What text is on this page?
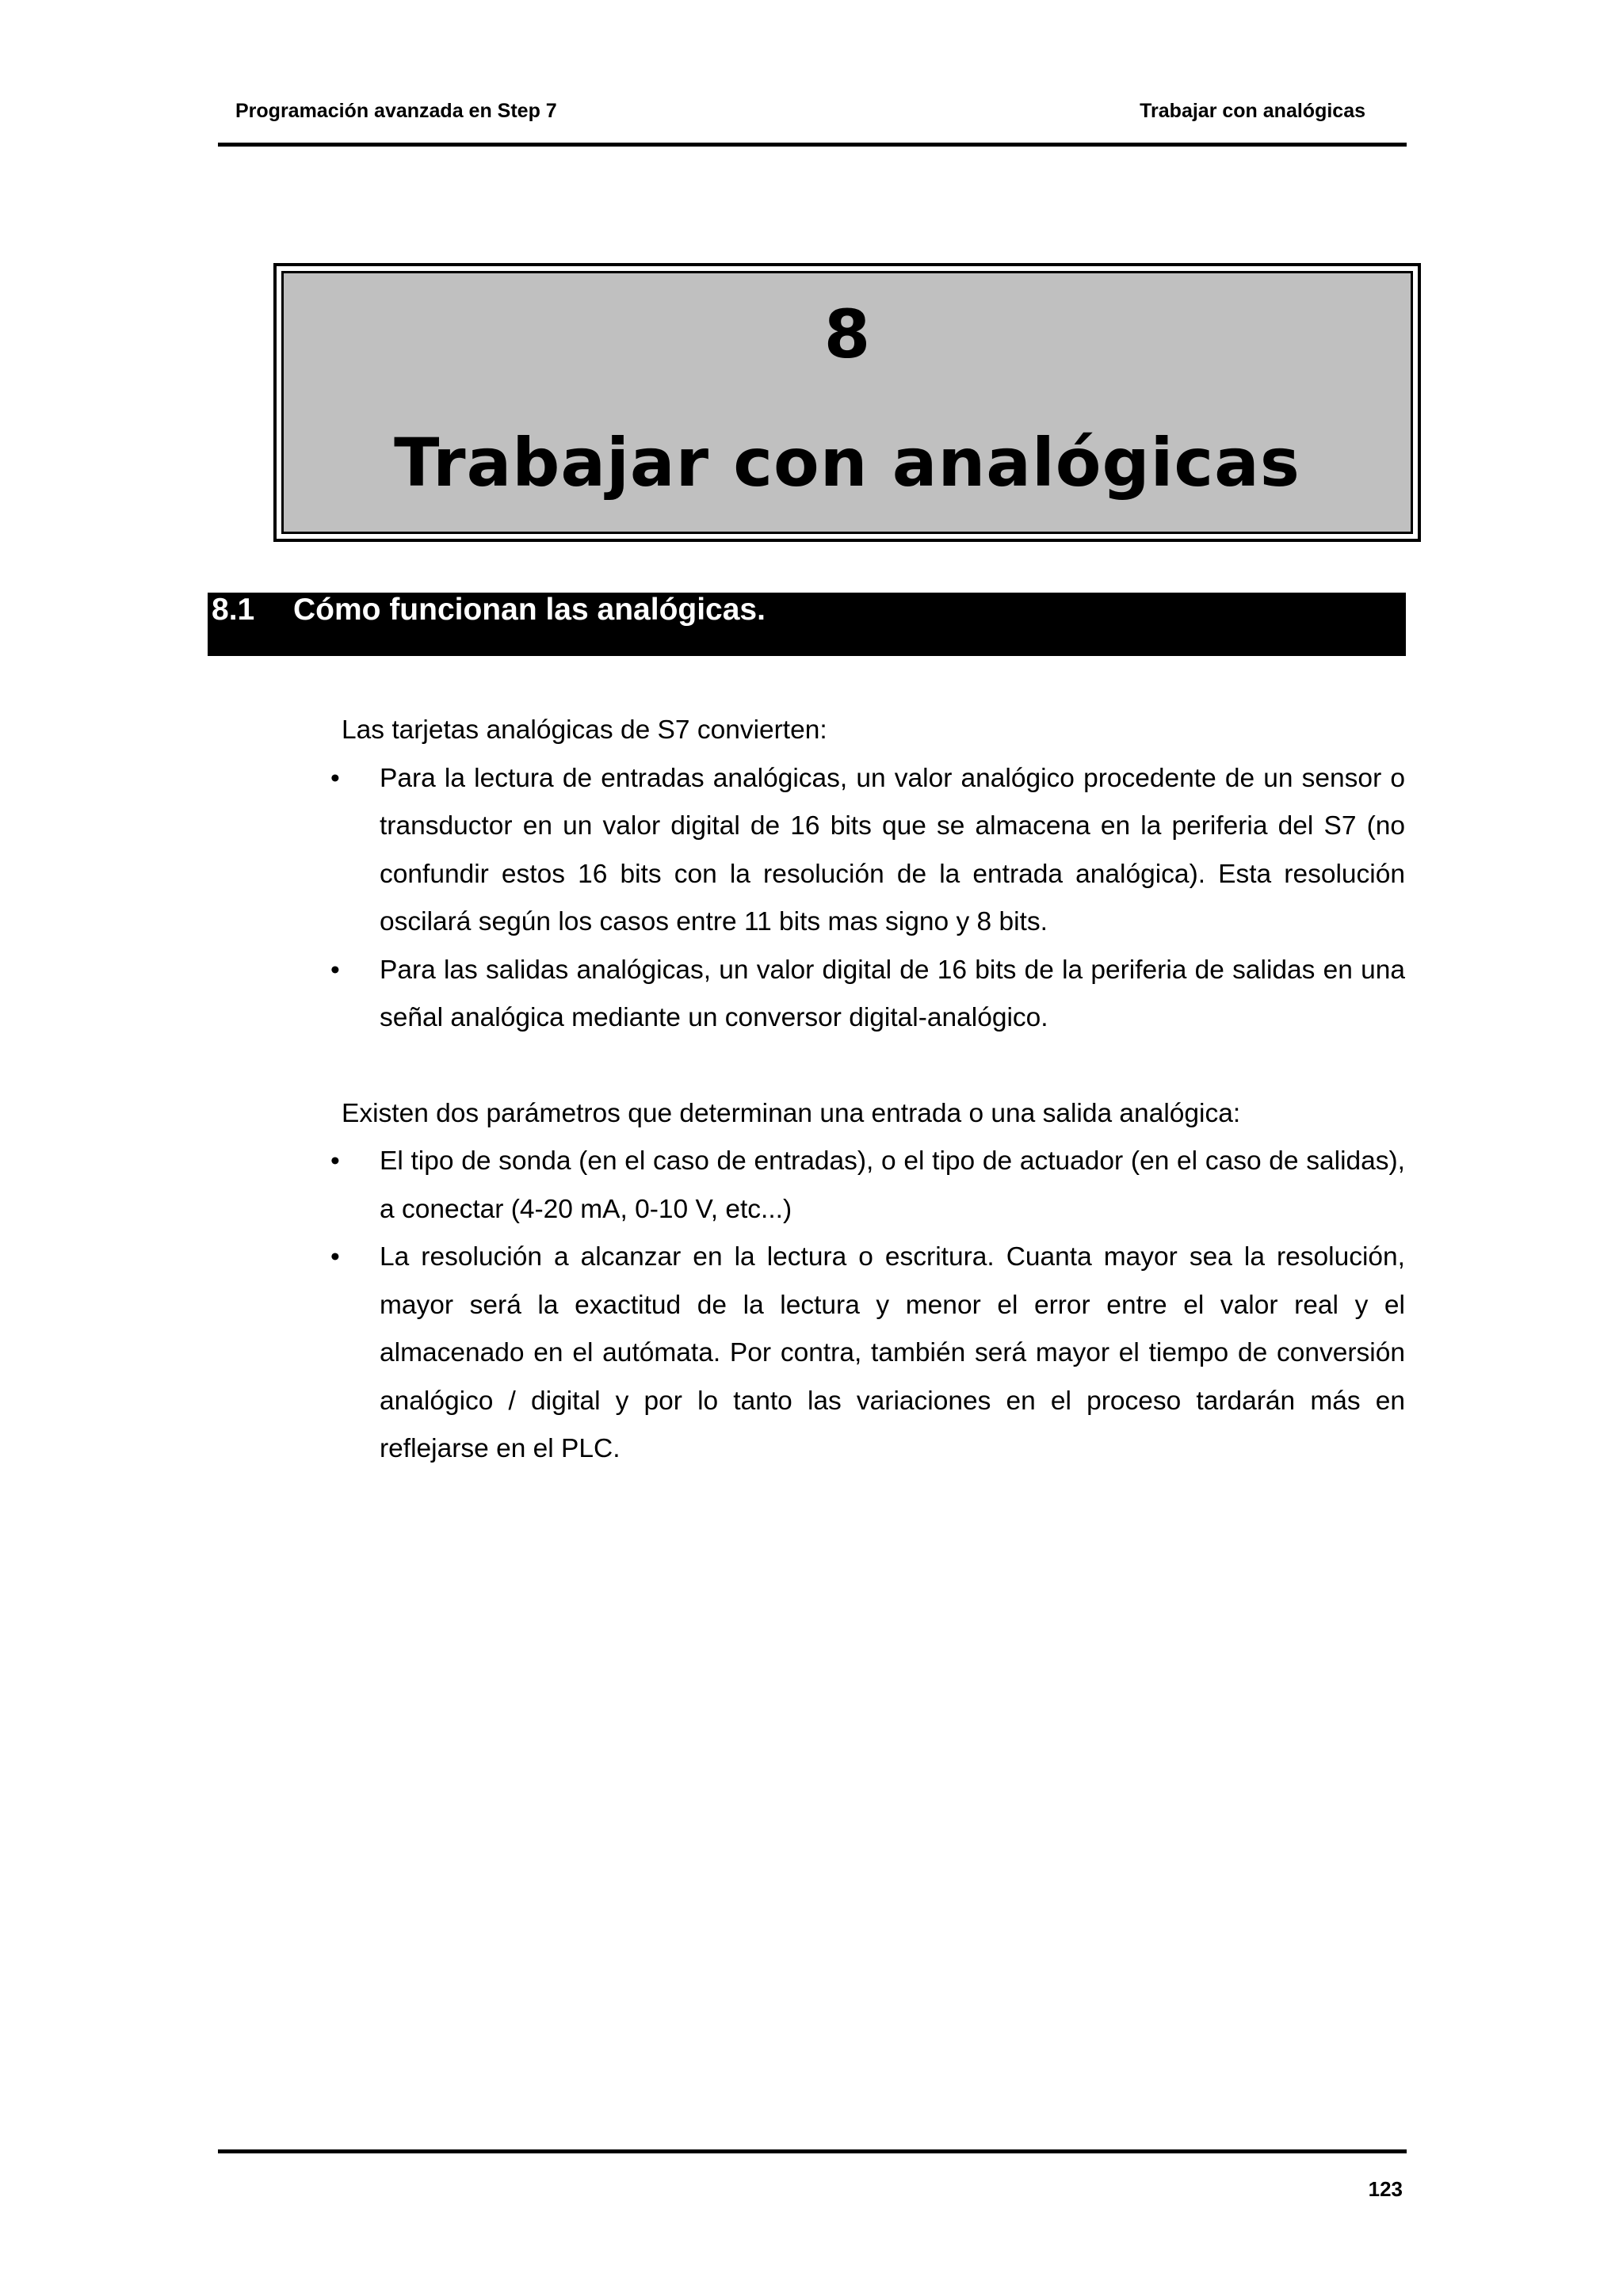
Programación avanzada en Step 7	Trabajar con analógicas
8
Trabajar con analógicas
8.1 Cómo funcionan las analógicas.

Las tarjetas analógicas de S7 convierten:

• Para la lectura de entradas analógicas, un valor analógico procedente de un sensor o transductor en un valor digital de 16 bits que se almacena en la periferia del S7 (no confundir estos 16 bits con la resolución de la entrada analógica). Esta resolución oscilará según los casos entre 11 bits mas signo y 8 bits.
• Para las salidas analógicas, un valor digital de 16 bits de la periferia de salidas en una señal analógica mediante un conversor digital-analógico.

Existen dos parámetros que determinan una entrada o una salida analógica:

• El tipo de sonda (en el caso de entradas), o el tipo de actuador (en el caso de salidas), a conectar (4-20 mA, 0-10 V, etc...)
• La resolución a alcanzar en la lectura o escritura. Cuanta mayor sea la resolución, mayor será la exactitud de la lectura y menor el error entre el valor real y el almacenado en el autómata. Por contra, también será mayor el tiempo de conversión analógico / digital y por lo tanto las variaciones en el proceso tardarán más en reflejarse en el PLC.
123
